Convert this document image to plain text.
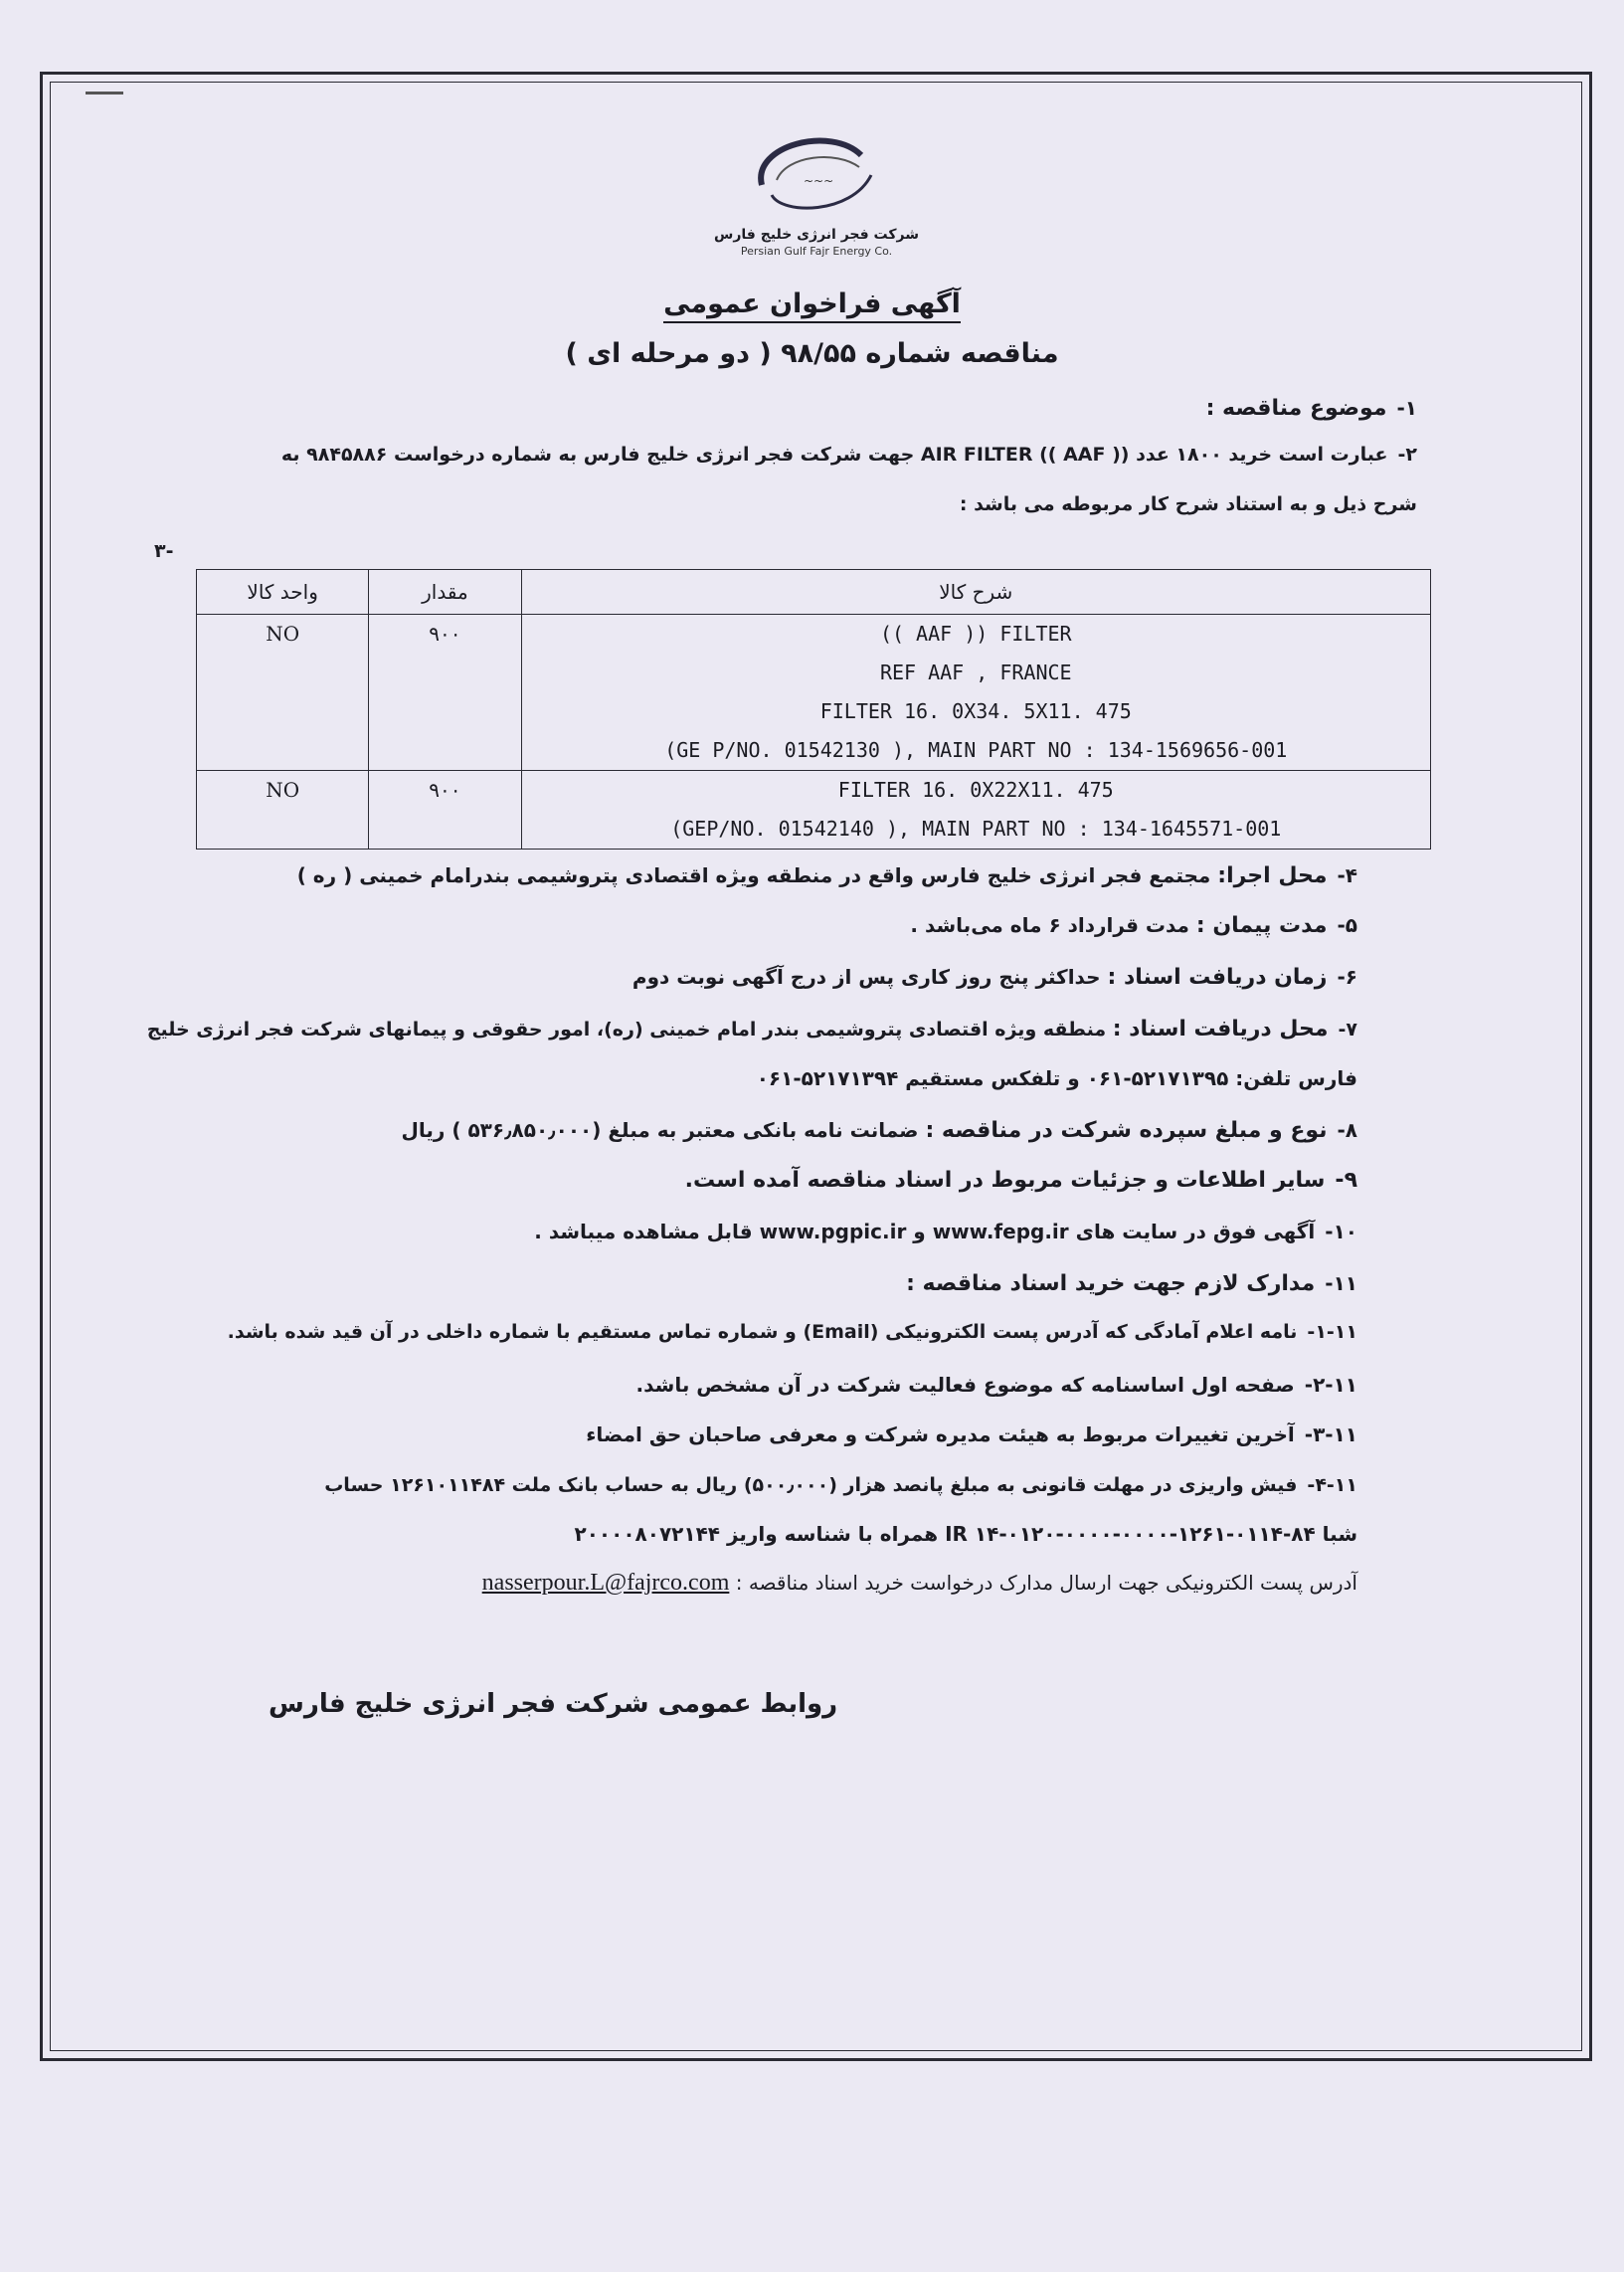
~~~
شرکت فجر انرژی خلیج فارس
Persian Gulf Fajr Energy Co.
آگهی فراخوان عمومی
مناقصه شماره ۹۸/۵۵ ( دو مرحله ای )
۱-موضوع مناقصه :
۲-عبارت است خرید ۱۸۰۰ عدد AIR FILTER (( AAF )) جهت شرکت فجر انرژی خلیج فارس به شماره درخواست ۹۸۴۵۸۸۶ به
شرح ذیل و به استناد شرح کار مربوطه می باشد :
۳-
شرح کالا	مقدار	واحد کالا

(( AAF )) FILTER
REF AAF , FRANCE
FILTER 16. 0X34. 5X11. 475
(GE P/NO. 01542130 ), MAIN PART NO : 134-1569656-001	۹۰۰	NO

FILTER 16. 0X22X11. 475
(GEP/NO. 01542140 ), MAIN PART NO : 134-1645571-001	۹۰۰	NO
۴-محل اجرا: مجتمع فجر انرژی خلیج فارس واقع در منطقه ویژه اقتصادی پتروشیمی بندرامام خمینی ( ره )
۵-مدت پیمان : مدت قرارداد ۶ ماه می‌باشد .
۶-زمان دریافت اسناد : حداکثر پنج روز کاری پس از درج آگهی نوبت دوم
۷-محل دریافت اسناد : منطقه ویژه اقتصادی پتروشیمی بندر امام خمینی (ره)، امور حقوقی و پیمانهای شرکت فجر انرژی خلیج
فارس تلفن: ۵۲۱۷۱۳۹۵-۰۶۱ و تلفکس مستقیم ۵۲۱۷۱۳۹۴-۰۶۱
۸-نوع و مبلغ سپرده شرکت در مناقصه : ضمانت نامه بانکی معتبر به مبلغ (۵۳۶٫۸۵۰٫۰۰۰ ) ریال
۹-سایر اطلاعات و جزئیات مربوط در اسناد مناقصه آمده است.
۱۰-آگهی فوق در سایت های www.fepg.ir و www.pgpic.ir قابل مشاهده میباشد .
۱۱-مدارک لازم جهت خرید اسناد مناقصه :
۱-۱۱-نامه اعلام آمادگی که آدرس پست الکترونیکی (Email) و شماره تماس مستقیم با شماره داخلی در آن قید شده باشد.
۲-۱۱-صفحه اول اساسنامه که موضوع فعالیت شرکت در آن مشخص باشد.
۳-۱۱-آخرین تغییرات مربوط به هیئت مدیره شرکت و معرفی صاحبان حق امضاء
۴-۱۱-فیش واریزی در مهلت قانونی به مبلغ پانصد هزار (۵۰۰٫۰۰۰) ریال به حساب بانک ملت ۱۲۶۱۰۱۱۴۸۴ حساب
شبا IR ۱۴-۰۱۲۰-۰۰۰۰-۰۰۰۰-۱۲۶۱-۰۱۱۴-۸۴ همراه با شناسه واریز ۲۰۰۰۰۸۰۷۲۱۴۴
آدرس پست الکترونیکی جهت ارسال مدارک درخواست خرید اسناد مناقصه : nasserpour.L@fajrco.com
روابط عمومی شرکت فجر انرژی خلیج فارس
